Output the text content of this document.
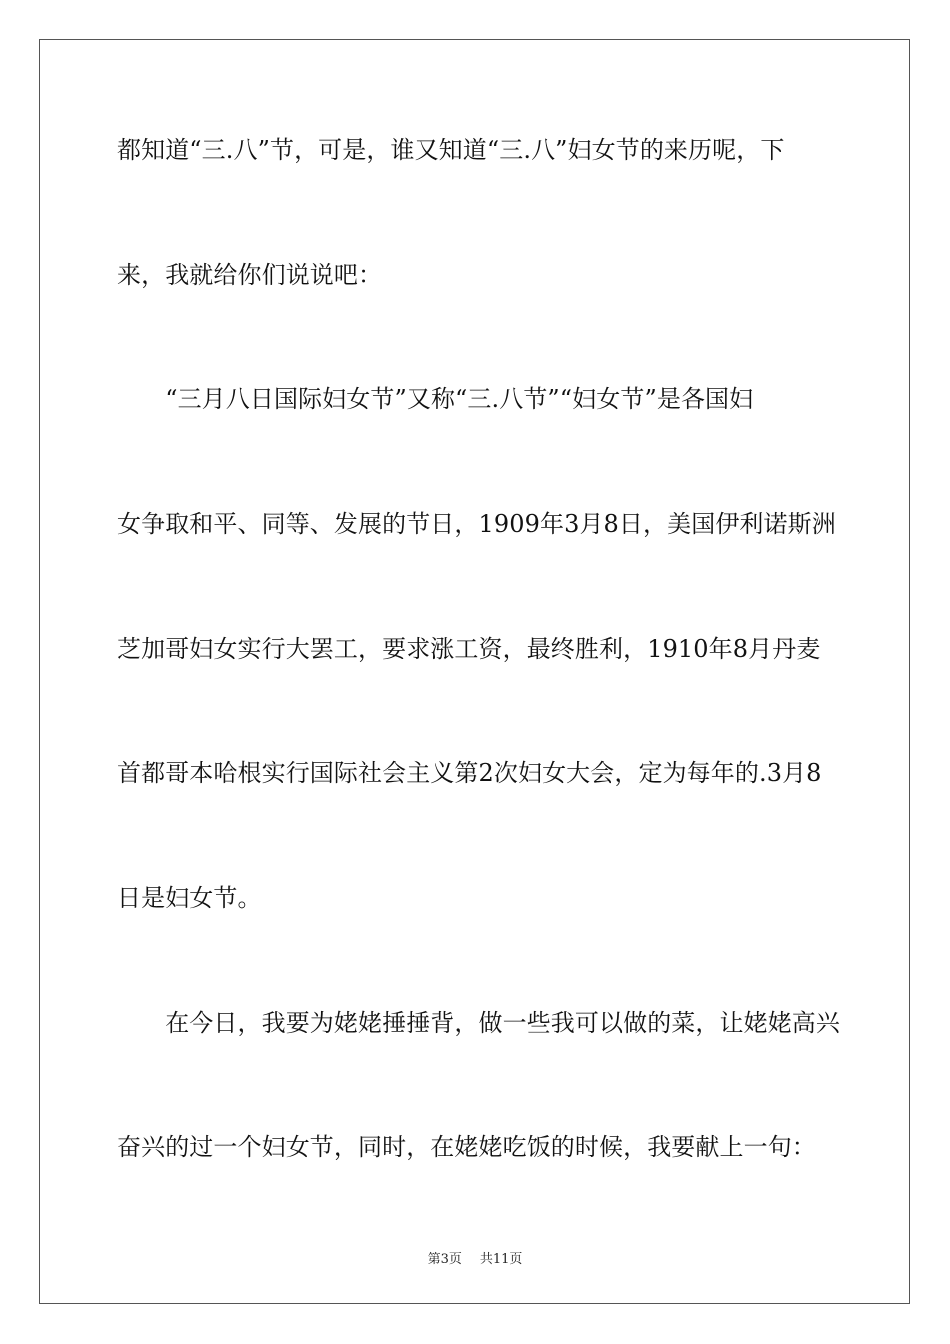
都知道“三.八”节，可是，谁又知道“三.八”妇女节的来历呢，下
来，我就给你们说说吧：
　　“三月八日国际妇女节”又称“三.八节”“妇女节”是各国妇
女争取和平、同等、发展的节日，1909年3月8日，美国伊利诺斯洲
芝加哥妇女实行大罢工，要求涨工资，最终胜利，1910年8月丹麦
首都哥本哈根实行国际社会主义第2次妇女大会，定为每年的.3月8
日是妇女节。
　　在今日，我要为姥姥捶捶背，做一些我可以做的菜，让姥姥高兴
奋兴的过一个妇女节，同时，在姥姥吃饭的时候，我要献上一句：
第3页 共11页
